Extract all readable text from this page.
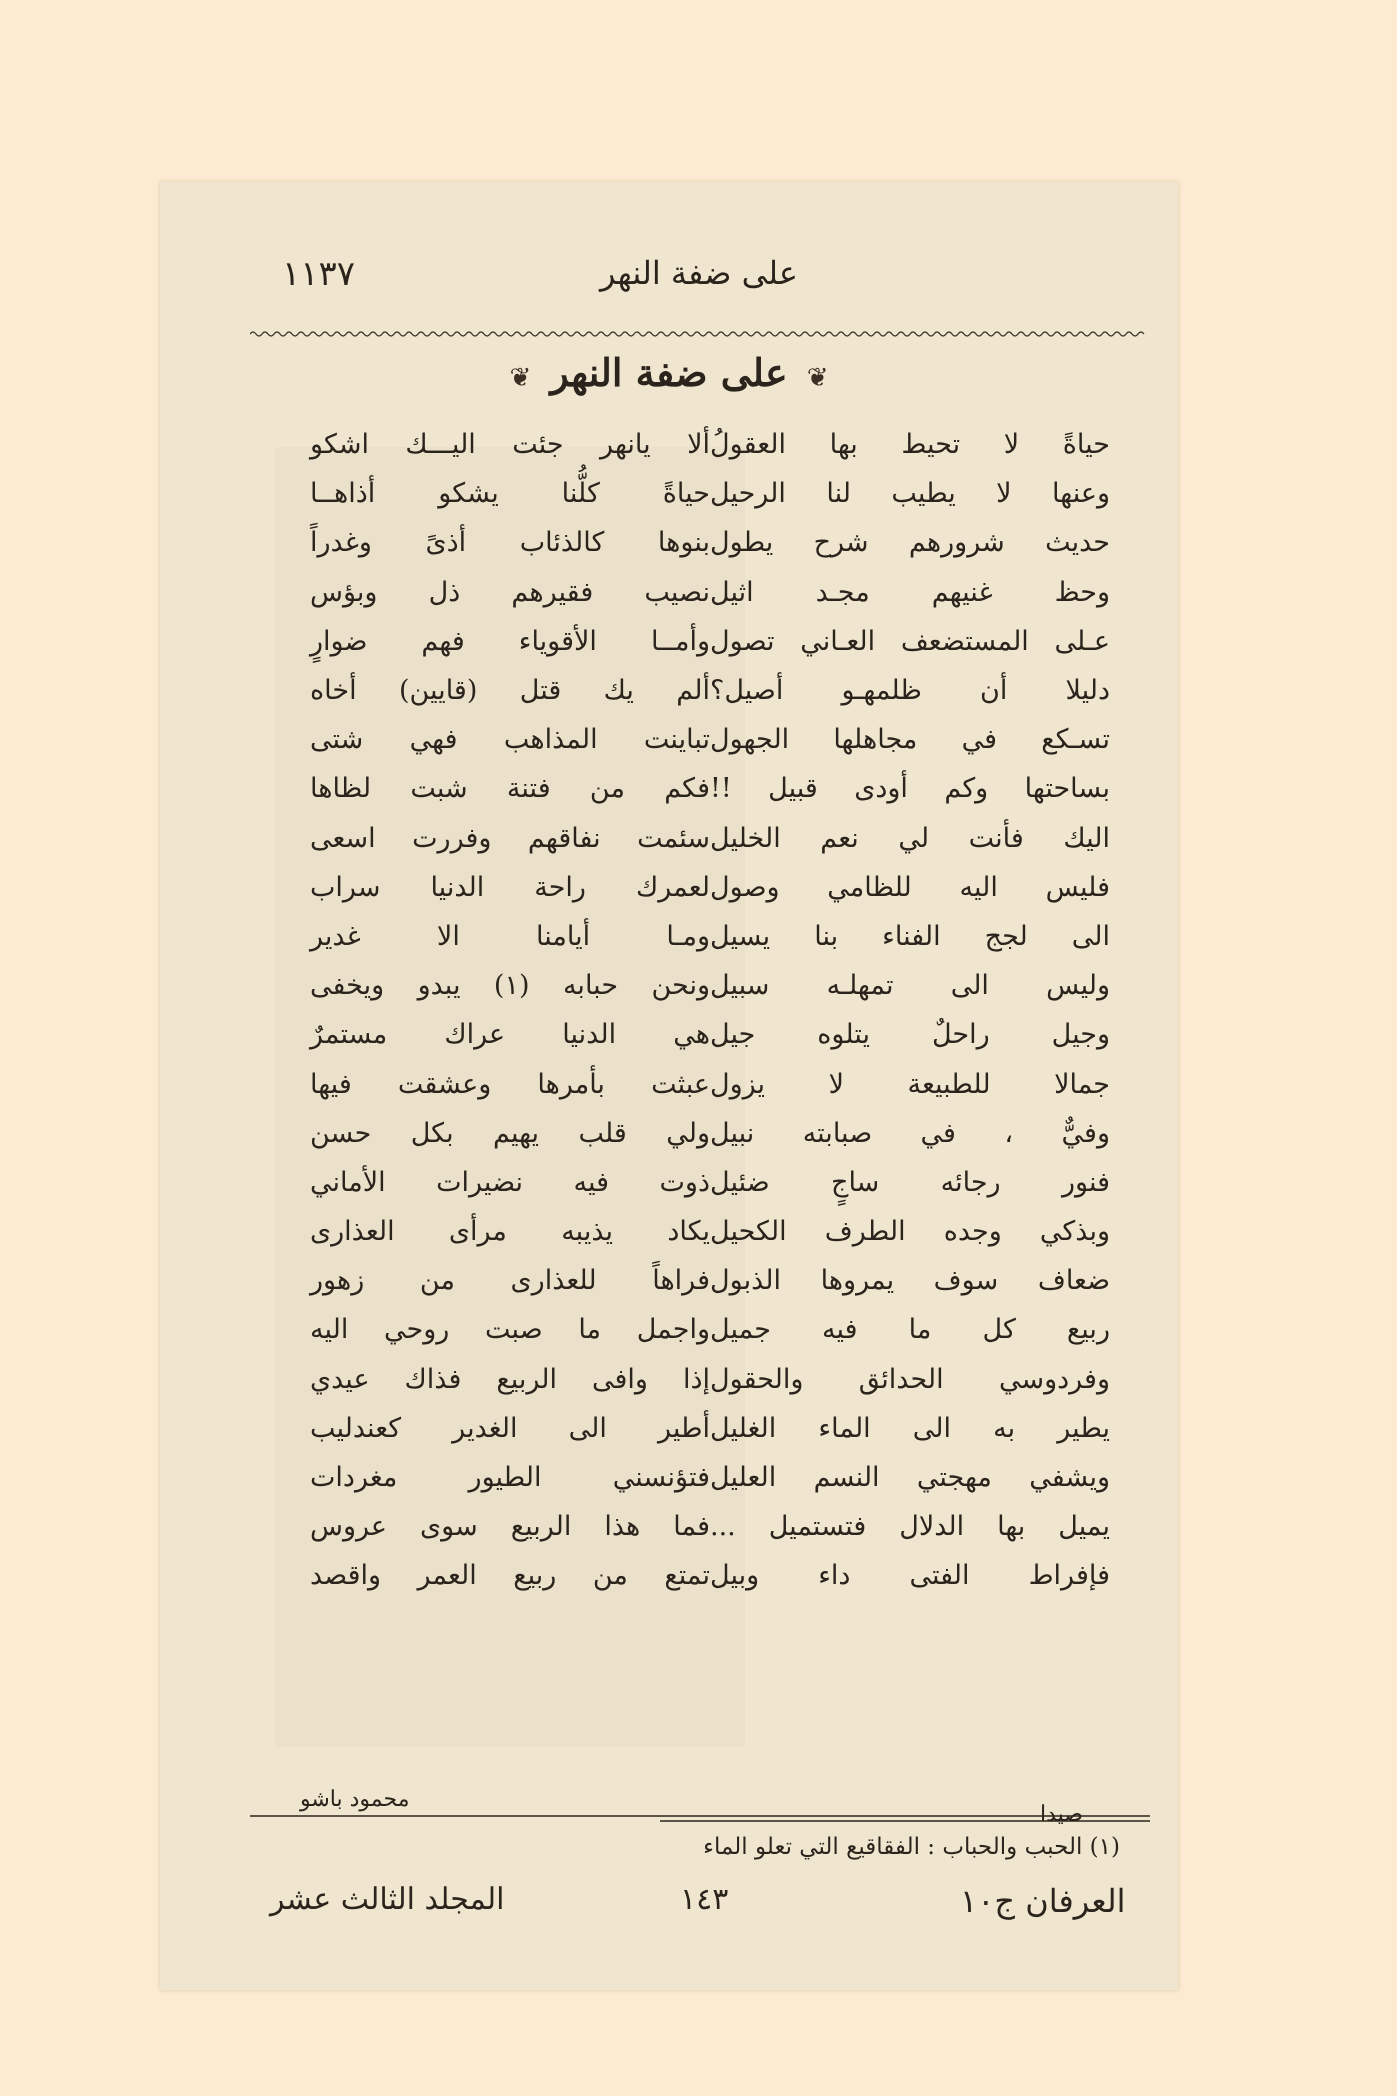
١١٣٧	على ضفة النهر
❦ على ضفة النهر ❦
ألا يانهر جئت اليـــك اشكو حياةً لا تحيط بها العقولُ
حياةً كلُّنا يشكو أذاهــا وعنها لا يطيب لنا الرحيل
بنوها كالذئاب أذىً وغدراً حديث شرورهم شرح يطول
نصيب فقيرهم ذل وبؤس وحظ غنيهم مجـد اثيل
وأمــا الأقوياء فهم ضوارٍ عـلى المستضعف العـاني تصول
ألم يك قتل (قايين) أخاه دليلا أن ظلمهـو أصيل؟
تباينت المذاهب فهي شتى تسـكع في مجاهلها الجهول
فكم من فتنة شبت لظاها بساحتها وكم أودى قبيل !!
سئمت نفاقهم وفررت اسعى اليك فأنت لي نعم الخليل
لعمرك راحة الدنيا سراب فليس اليه للظامي وصول
ومـا أيامنا الا غدير الى لجج الفناء بنا يسيل
ونحن حبابه (١) يبدو ويخفى وليس الى تمهلـه سبيل
هي الدنيا عراك مستمرٌ وجيل راحلٌ يتلوه جيل
عبثت بأمرها وعشقت فيها جمالا للطبيعة لا يزول
ولي قلب يهيم بكل حسن وفيٌّ ، في صبابته نبيل
ذوت فيه نضيرات الأماني فنور رجائه ساجٍ ضئيل
يكاد يذيبه مرأى العذارى وبذكي وجده الطرف الكحيل
فراهاً للعذارى من زهور ضعاف سوف يمروها الذبول
واجمل ما صبت روحي اليه ربيع كل ما فيه جميل
إذا وافى الربيع فذاك عيدي وفردوسي الحدائق والحقول
أطير الى الغدير كعندليب يطير به الى الماء الغليل
فتؤنسني الطيور مغردات ويشفي مهجتي النسم العليل
فما هذا الربيع سوى عروس يميل بها الدلال فتستميل ...
تمتع من ربيع العمر واقصد فإفراط الفتى داء وبيل
محمود باشو
صيدا
(١) الحبب والحباب : الفقاقيع التي تعلو الماء
العرفان ج١٠
١٤٣
المجلد الثالث عشر
